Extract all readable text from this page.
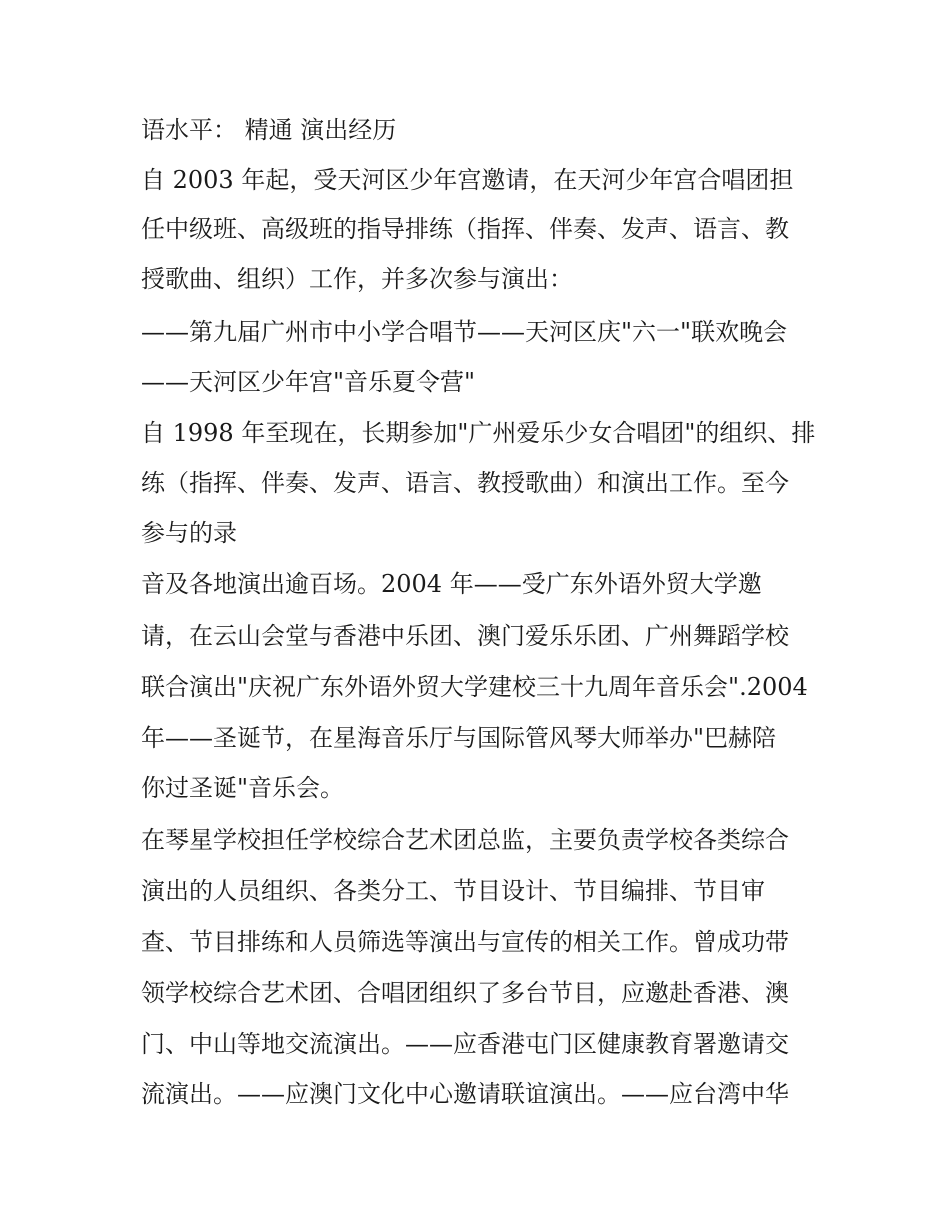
语水平： 精通 演出经历
自 2003 年起，受天河区少年宫邀请，在天河少年宫合唱团担
任中级班、高级班的指导排练（指挥、伴奏、发声、语言、教
授歌曲、组织）工作，并多次参与演出：
——第九届广州市中小学合唱节——天河区庆"六一"联欢晚会
——天河区少年宫"音乐夏令营"
自 1998 年至现在，长期参加"广州爱乐少女合唱团"的组织、排
练（指挥、伴奏、发声、语言、教授歌曲）和演出工作。至今
参与的录
音及各地演出逾百场。2004 年——受广东外语外贸大学邀
请，在云山会堂与香港中乐团、澳门爱乐乐团、广州舞蹈学校
联合演出"庆祝广东外语外贸大学建校三十九周年音乐会".2004
年——圣诞节，在星海音乐厅与国际管风琴大师举办"巴赫陪
你过圣诞"音乐会。
在琴星学校担任学校综合艺术团总监，主要负责学校各类综合
演出的人员组织、各类分工、节目设计、节目编排、节目审
查、节目排练和人员筛选等演出与宣传的相关工作。曾成功带
领学校综合艺术团、合唱团组织了多台节目，应邀赴香港、澳
门、中山等地交流演出。——应香港屯门区健康教育署邀请交
流演出。——应澳门文化中心邀请联谊演出。——应台湾中华
